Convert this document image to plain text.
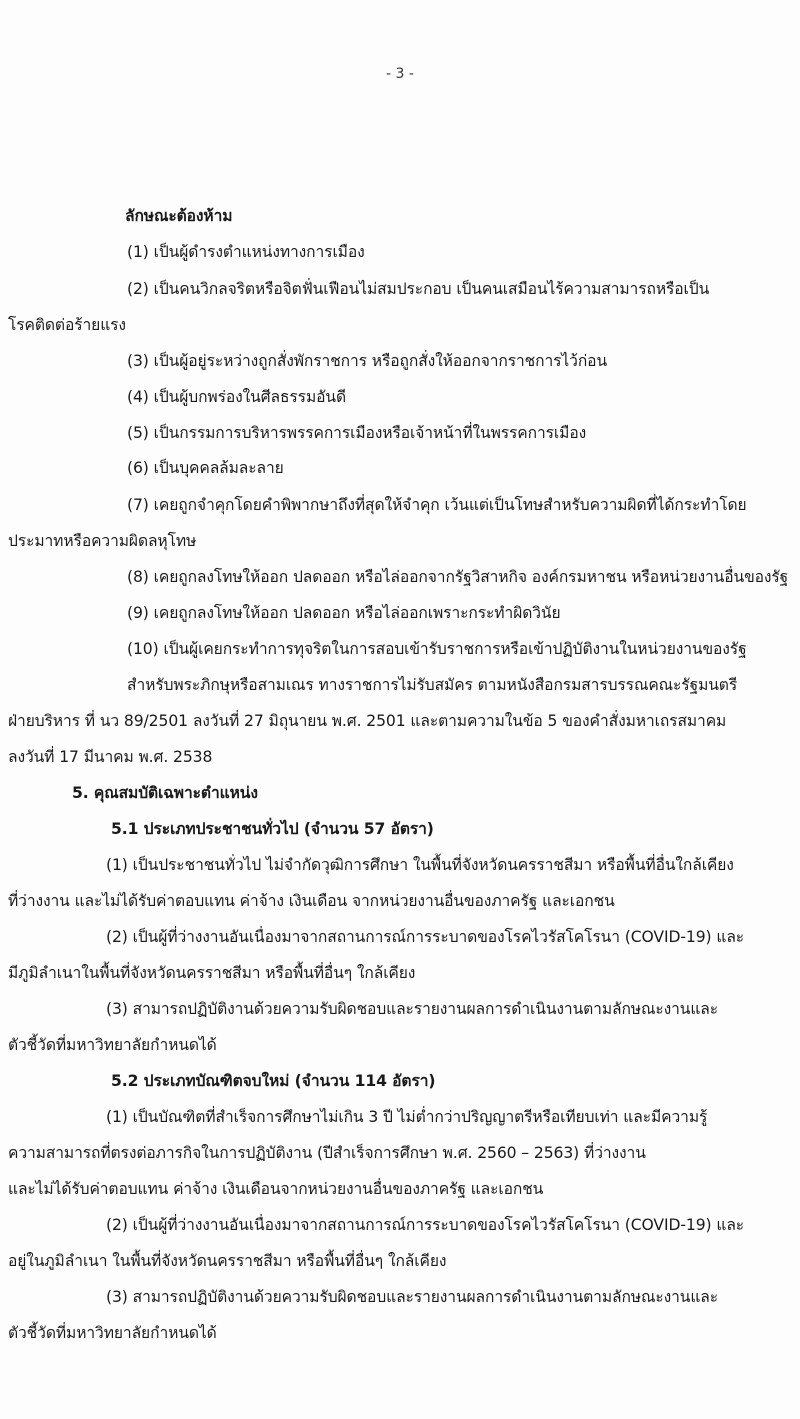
- 3 -
ลักษณะต้องห้าม
(1) เป็นผู้ดำรงตำแหน่งทางการเมือง
(2) เป็นคนวิกลจริตหรือจิตฟั่นเฟือนไม่สมประกอบ เป็นคนเสมือนไร้ความสามารถหรือเป็น
โรคติดต่อร้ายแรง
(3) เป็นผู้อยู่ระหว่างถูกสั่งพักราชการ หรือถูกสั่งให้ออกจากราชการไว้ก่อน
(4) เป็นผู้บกพร่องในศีลธรรมอันดี
(5) เป็นกรรมการบริหารพรรคการเมืองหรือเจ้าหน้าที่ในพรรคการเมือง
(6) เป็นบุคคลล้มละลาย
(7) เคยถูกจำคุกโดยคำพิพากษาถึงที่สุดให้จำคุก เว้นแต่เป็นโทษสำหรับความผิดที่ได้กระทำโดย
ประมาทหรือความผิดลหุโทษ
(8) เคยถูกลงโทษให้ออก ปลดออก หรือไล่ออกจากรัฐวิสาหกิจ องค์กรมหาชน หรือหน่วยงานอื่นของรัฐ
(9) เคยถูกลงโทษให้ออก ปลดออก หรือไล่ออกเพราะกระทำผิดวินัย
(10) เป็นผู้เคยกระทำการทุจริตในการสอบเข้ารับราชการหรือเข้าปฏิบัติงานในหน่วยงานของรัฐ
สำหรับพระภิกษุหรือสามเณร ทางราชการไม่รับสมัคร ตามหนังสือกรมสารบรรณคณะรัฐมนตรี
ฝ่ายบริหาร ที่ นว 89/2501 ลงวันที่ 27 มิถุนายน พ.ศ. 2501 และตามความในข้อ 5 ของคำสั่งมหาเถรสมาคม
ลงวันที่ 17 มีนาคม พ.ศ. 2538
5. คุณสมบัติเฉพาะตำแหน่ง
5.1 ประเภทประชาชนทั่วไป (จำนวน 57 อัตรา)
(1) เป็นประชาชนทั่วไป ไม่จำกัดวุฒิการศึกษา ในพื้นที่จังหวัดนครราชสีมา หรือพื้นที่อื่นใกล้เคียง
ที่ว่างงาน และไม่ได้รับค่าตอบแทน ค่าจ้าง เงินเดือน จากหน่วยงานอื่นของภาครัฐ และเอกชน
(2) เป็นผู้ที่ว่างงานอันเนื่องมาจากสถานการณ์การระบาดของโรคไวรัสโคโรนา (COVID-19) และ
มีภูมิลำเนาในพื้นที่จังหวัดนครราชสีมา หรือพื้นที่อื่นๆ ใกล้เคียง
(3) สามารถปฏิบัติงานด้วยความรับผิดชอบและรายงานผลการดำเนินงานตามลักษณะงานและ
ตัวชี้วัดที่มหาวิทยาลัยกำหนดได้
5.2 ประเภทบัณฑิตจบใหม่ (จำนวน 114 อัตรา)
(1) เป็นบัณฑิตที่สำเร็จการศึกษาไม่เกิน 3 ปี ไม่ต่ำกว่าปริญญาตรีหรือเทียบเท่า และมีความรู้
ความสามารถที่ตรงต่อภารกิจในการปฏิบัติงาน (ปีสำเร็จการศึกษา พ.ศ. 2560 – 2563) ที่ว่างงาน
และไม่ได้รับค่าตอบแทน ค่าจ้าง เงินเดือนจากหน่วยงานอื่นของภาครัฐ และเอกชน
(2) เป็นผู้ที่ว่างงานอันเนื่องมาจากสถานการณ์การระบาดของโรคไวรัสโคโรนา (COVID-19) และ
อยู่ในภูมิลำเนา ในพื้นที่จังหวัดนครราชสีมา หรือพื้นที่อื่นๆ ใกล้เคียง
(3) สามารถปฏิบัติงานด้วยความรับผิดชอบและรายงานผลการดำเนินงานตามลักษณะงานและ
ตัวชี้วัดที่มหาวิทยาลัยกำหนดได้
